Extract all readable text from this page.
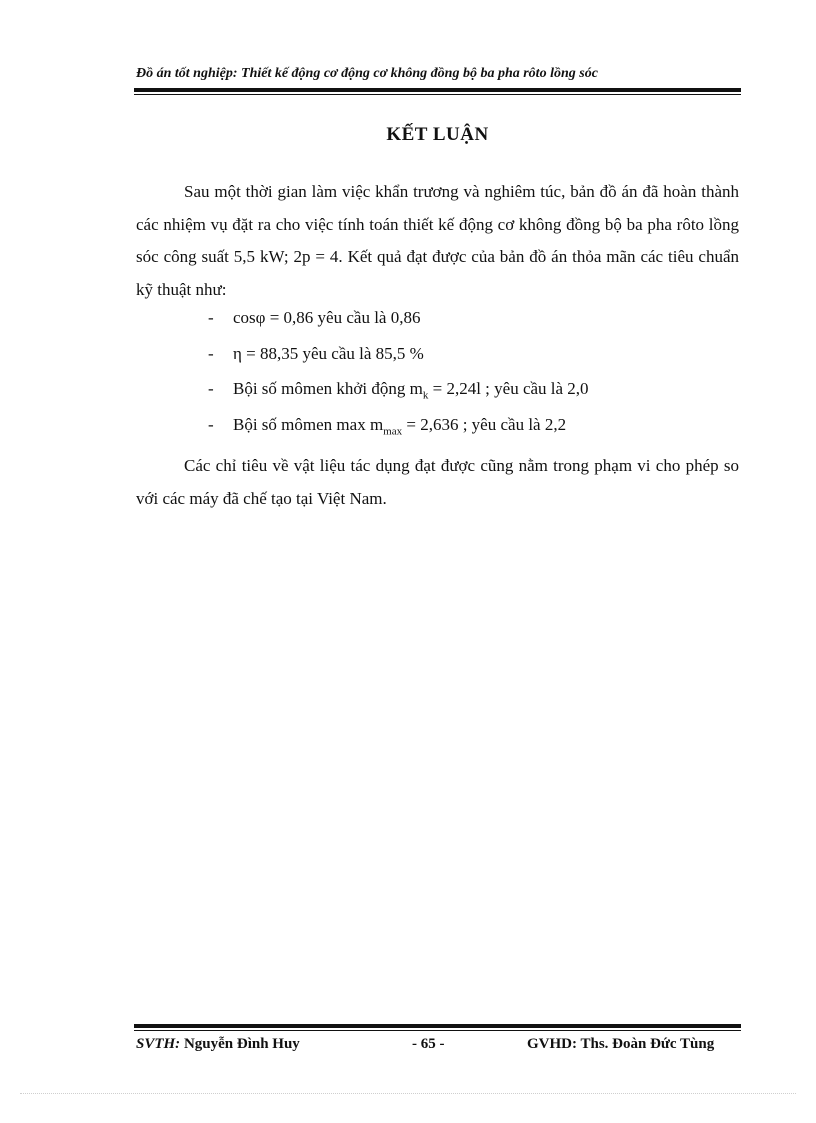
Đồ án tốt nghiệp: Thiết kế động cơ động cơ không đồng bộ ba pha rôto lồng sóc
KẾT LUẬN
Sau một thời gian làm việc khẩn trương và nghiêm túc, bản đồ án đã hoàn thành các nhiệm vụ đặt ra cho việc tính toán thiết kế động cơ không đồng bộ ba pha rôto lồng sóc công suất 5,5 kW; 2p = 4. Kết quả đạt được của bản đồ án thỏa mãn các tiêu chuẩn kỹ thuật như:
- cosφ = 0,86 yêu cầu là 0,86
- η = 88,35 yêu cầu là 85,5 %
- Bội số mômen khởi động $m_k = 2,24l$ ; yêu cầu là 2,0
- Bội số mômen $\max m_{max} = 2,636$ ; yêu cầu là 2,2
Các chỉ tiêu về vật liệu tác dụng đạt được cũng nằm trong phạm vi cho phép so với các máy đã chế tạo tại Việt Nam.
SVTH: Nguyễn Đình Huy	- 65 -	GVHD: Ths. Đoàn Đức Tùng
